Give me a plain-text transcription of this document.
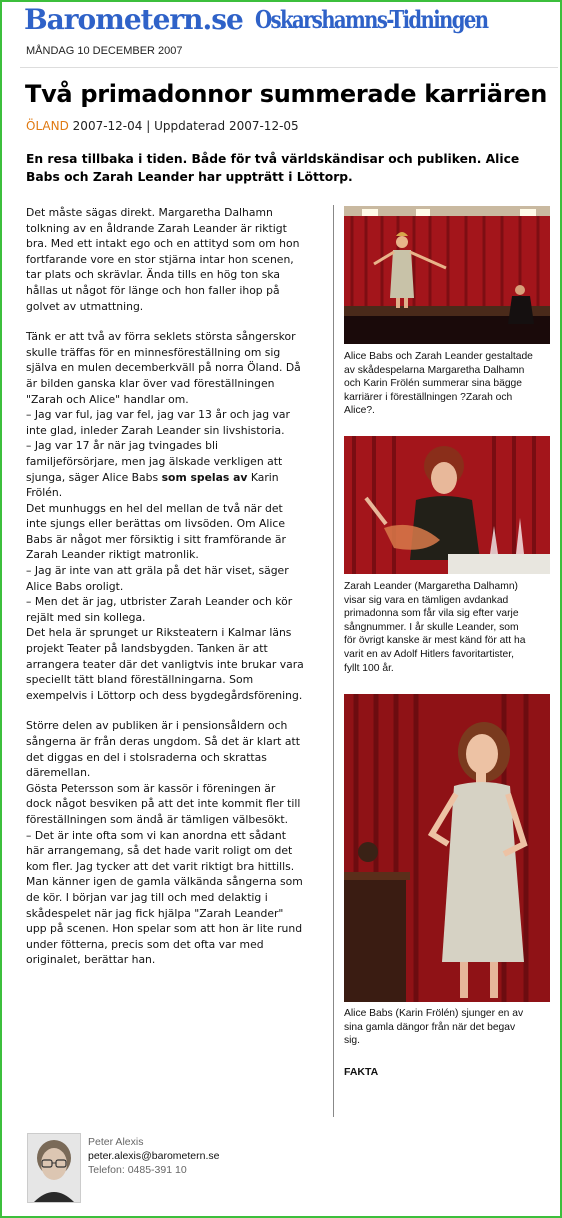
Barometern.se Oskarshamns-Tidningen
MÅNDAG 10 DECEMBER 2007
Två primadonnor summerade karriären
ÖLAND 2007-12-04 | Uppdaterad 2007-12-05
En resa tillbaka i tiden. Både för två världskändisar och publiken. Alice
Babs och Zarah Leander har uppträtt i Löttorp.

Det måste sägas direkt. Margaretha Dalhamn
tolkning av en åldrande Zarah Leander är riktigt
bra. Med ett intakt ego och en attityd som om hon
fortfarande vore en stor stjärna intar hon scenen,
tar plats och skrävlar. Ända tills en hög ton ska
hållas ut något för länge och hon faller ihop på
golvet av utmattning.

Tänk er att två av förra seklets största sångerskor
skulle träffas för en minnesföreställning om sig
själva en mulen decemberkväll på norra Öland. Då
är bilden ganska klar över vad föreställningen
"Zarah och Alice" handlar om.
– Jag var ful, jag var fel, jag var 13 år och jag var
inte glad, inleder Zarah Leander sin livshistoria.
– Jag var 17 år när jag tvingades bli
familjeförsörjare, men jag älskade verkligen att
sjunga, säger Alice Babs som spelas av Karin
Frölén.
Det munhuggs en hel del mellan de två när det
inte sjungs eller berättas om livsöden. Om Alice
Babs är något mer försiktig i sitt framförande är
Zarah Leander riktigt matronlik.
– Jag är inte van att gräla på det här viset, säger
Alice Babs oroligt.
– Men det är jag, utbrister Zarah Leander och kör
rejält med sin kollega.
Det hela är sprunget ur Riksteatern i Kalmar läns
projekt Teater på landsbygden. Tanken är att
arrangera teater där det vanligtvis inte brukar vara
speciellt tätt bland föreställningarna. Som
exempelvis i Löttorp och dess bygdegårdsförening.

Större delen av publiken är i pensionsåldern och
sångerna är från deras ungdom. Så det är klart att
det diggas en del i stolsraderna och skrattas
däremellan.
Gösta Petersson som är kassör i föreningen är
dock något besviken på att det inte kommit fler till
föreställningen som ändå är tämligen välbesökt.
– Det är inte ofta som vi kan anordna ett sådant
här arrangemang, så det hade varit roligt om det
kom fler. Jag tycker att det varit riktigt bra hittills.
Man känner igen de gamla välkända sångerna som
de kör. I början var jag till och med delaktig i
skådespelet när jag fick hjälpa "Zarah Leander"
upp på scenen. Hon spelar som att hon är lite rund
under fötterna, precis som det ofta var med
originalet, berättar han.

Alice Babs och Zarah Leander gestaltade
av skådespelarna Margaretha Dalhamn
och Karin Frölén summerar sina bägge
karriärer i föreställningen ?Zarah och
Alice?.
Zarah Leander (Margaretha Dalhamn)
visar sig vara en tämligen avdankad
primadonna som får vila sig efter varje
sångnummer. I år skulle Leander, som
för övrigt kanske är mest känd för att ha
varit en av Adolf Hitlers favoritartister,
fyllt 100 år.
Alice Babs (Karin Frölén) sjunger en av
sina gamla dängor från när det begav
sig.
FAKTA
Peter Alexis
peter.alexis@barometern.se
Telefon: 0485-391 10
